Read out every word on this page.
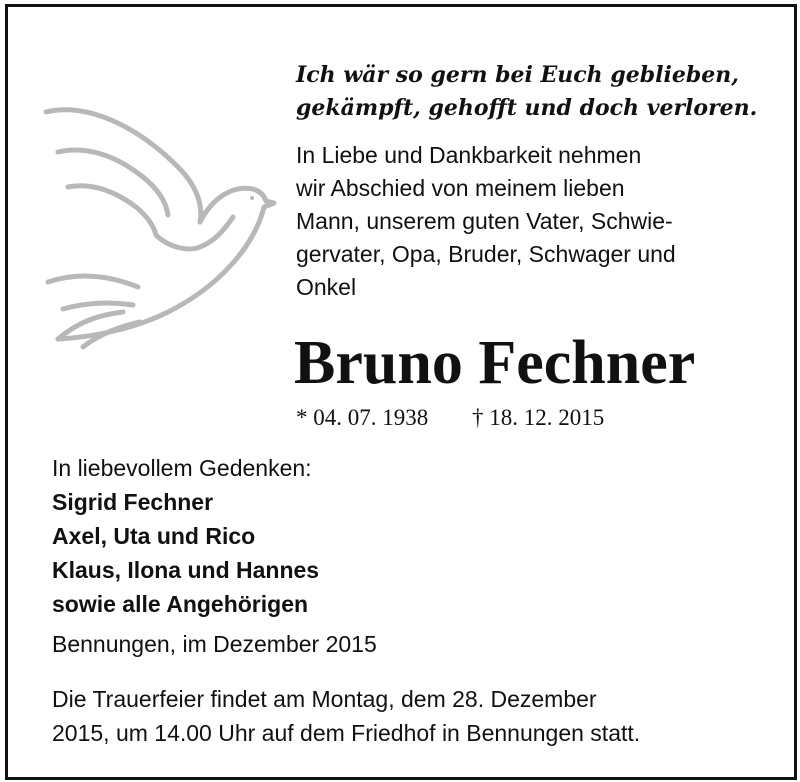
Ich wär so gern bei Euch geblieben,
gekämpft, gehofft und doch verloren.

In Liebe und Dankbarkeit nehmen
wir Abschied von meinem lieben
Mann, unserem guten Vater, Schwie-
gervater, Opa, Bruder, Schwager und
Onkel

Bruno Fechner
* 04. 07. 1938 † 18. 12. 2015

In liebevollem Gedenken:
Sigrid Fechner
Axel, Uta und Rico
Klaus, Ilona und Hannes
sowie alle Angehörigen

Bennungen, im Dezember 2015

Die Trauerfeier findet am Montag, dem 28. Dezember
2015, um 14.00 Uhr auf dem Friedhof in Bennungen statt.
